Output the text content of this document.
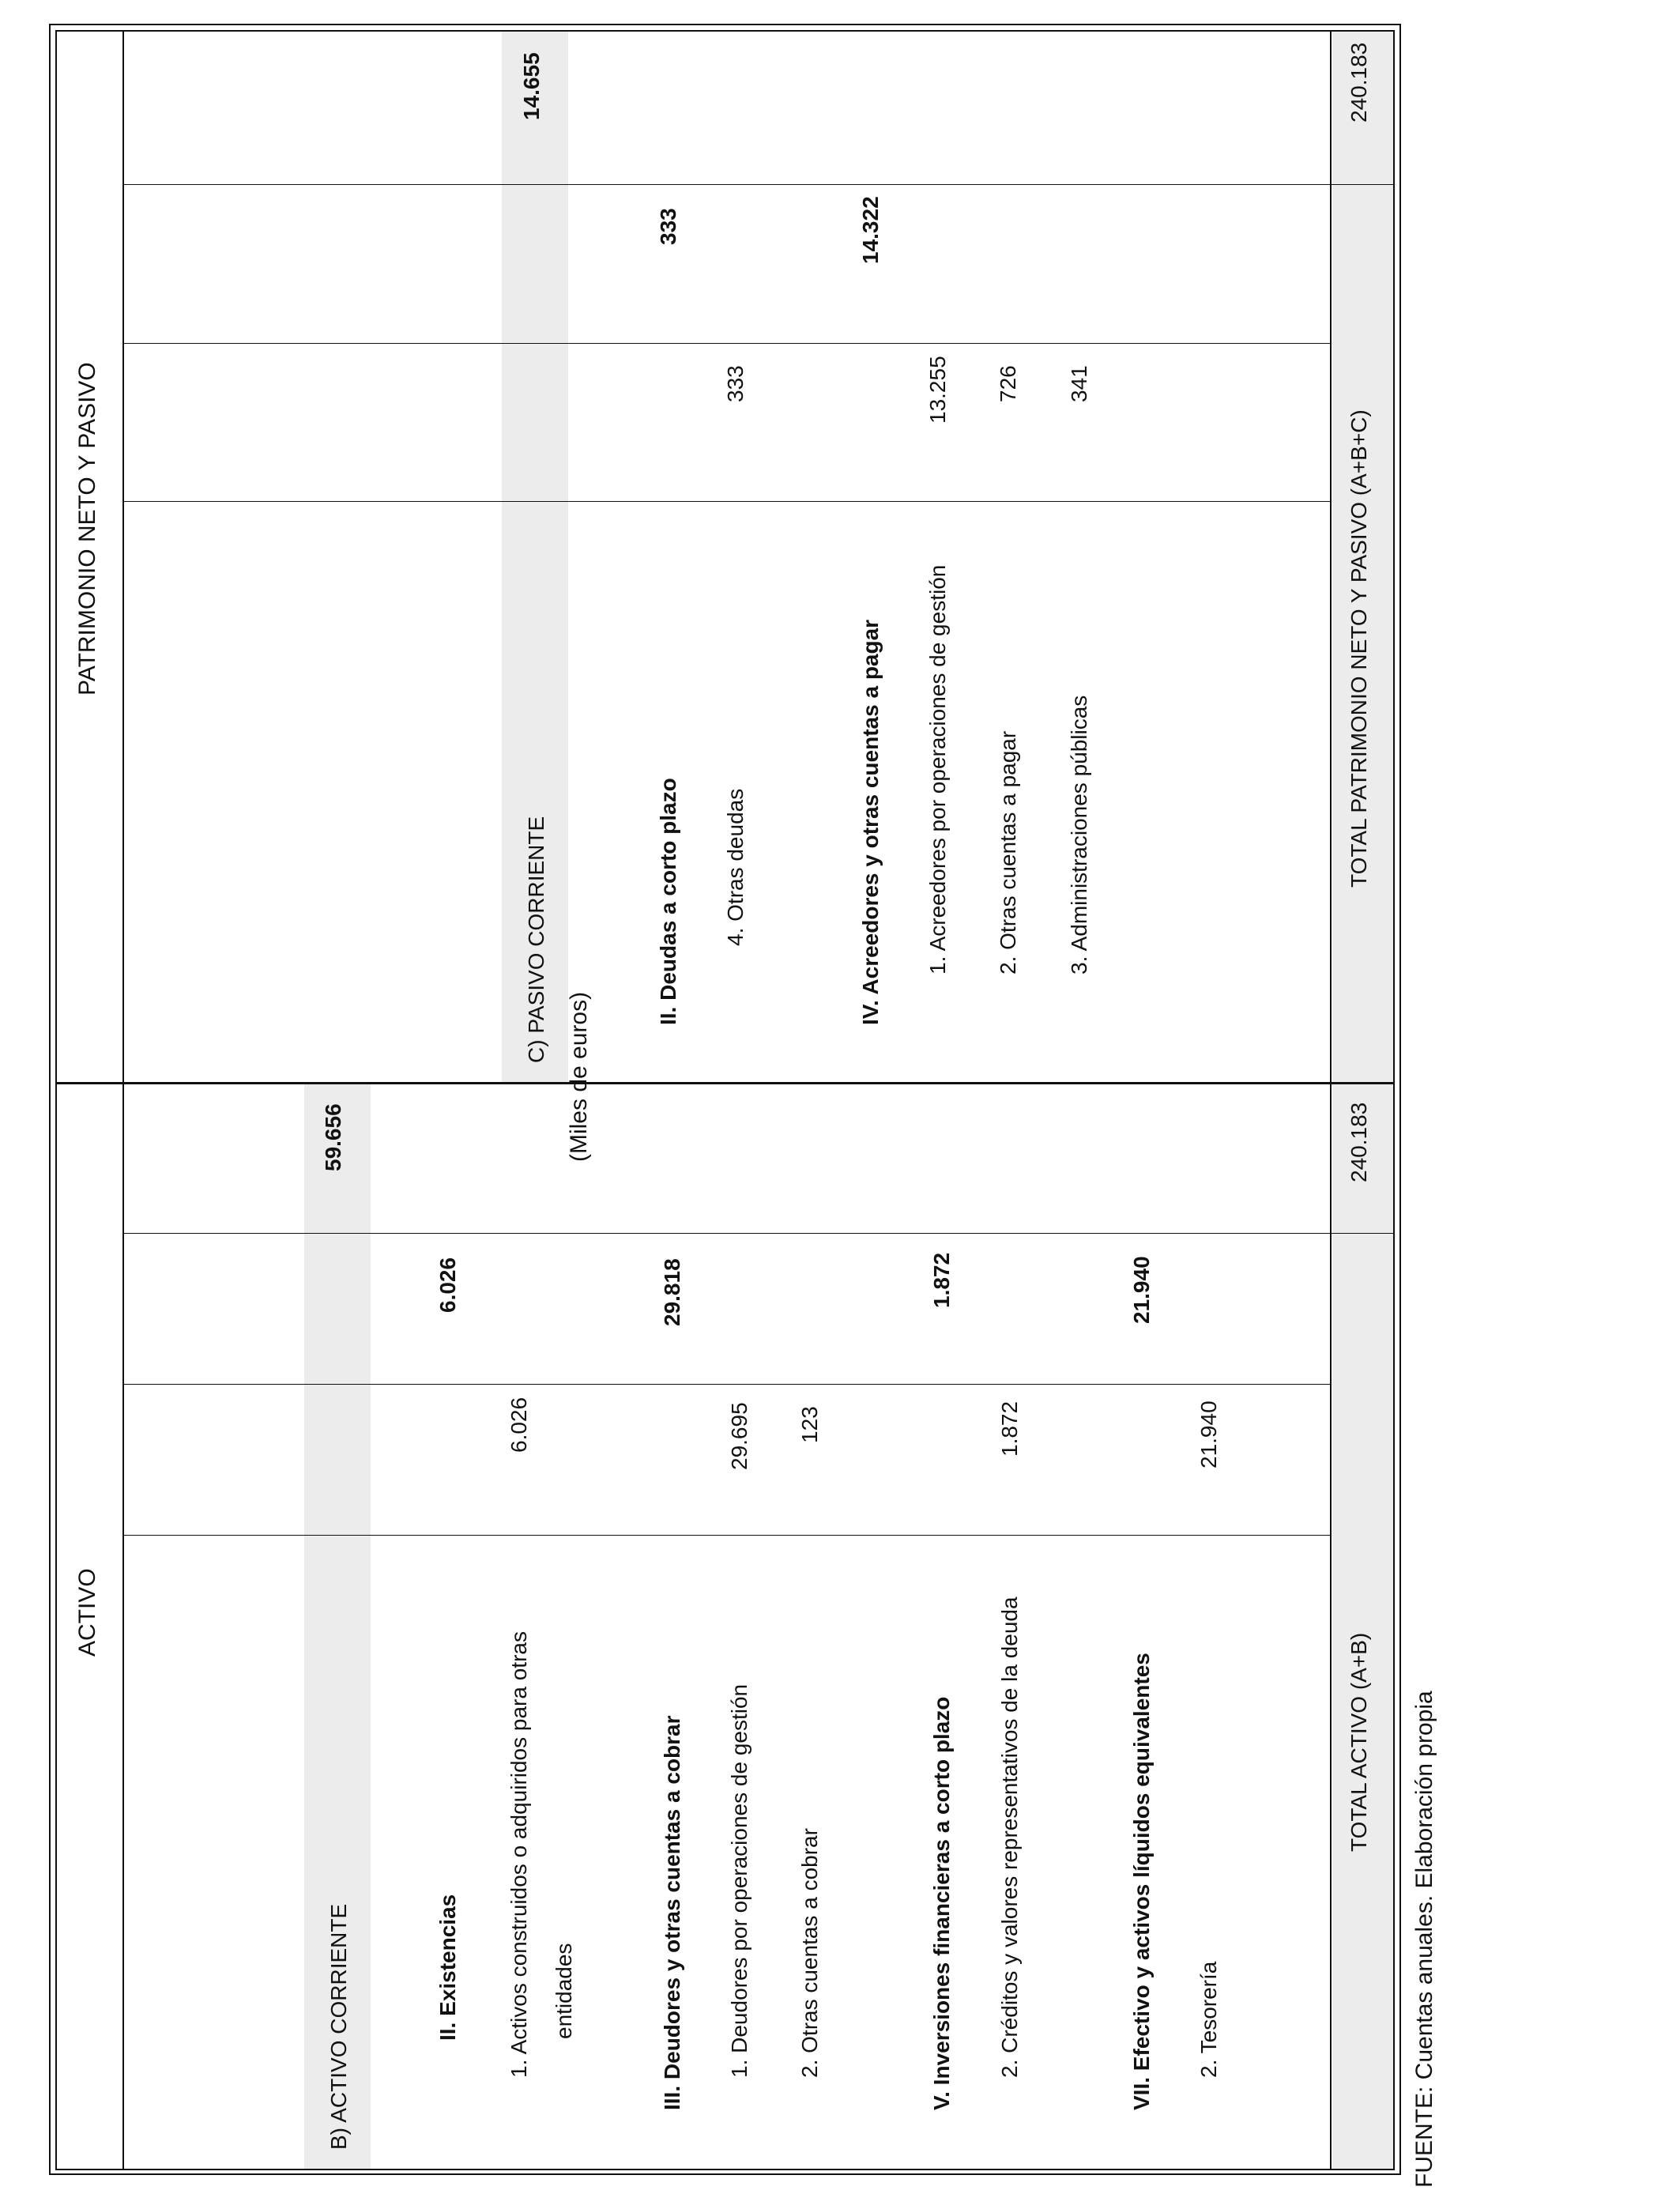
(Miles de euros)
FUENTE: Cuentas anuales. Elaboración propia
ACTIVO
B) ACTIVO CORRIENTE
59.656
II. Existencias
6.026
1. Activos construidos o adquiridos para otras entidades
6.026
III. Deudores y otras cuentas a cobrar
29.818
1. Deudores por operaciones de gestión
29.695
2. Otras cuentas a cobrar
123
V. Inversiones financieras a corto plazo
1.872
2. Créditos y valores representativos de la deuda
1.872
VII. Efectivo y activos líquidos equivalentes
21.940
2. Tesorería
21.940
TOTAL ACTIVO (A+B)
240.183
PATRIMONIO NETO Y PASIVO
C) PASIVO CORRIENTE
14.655
II. Deudas a corto plazo
333
4. Otras deudas
333
IV. Acreedores y otras cuentas a pagar
14.322
1. Acreedores por operaciones de gestión
13.255
2. Otras cuentas a pagar
726
3. Administraciones públicas
341
TOTAL PATRIMONIO NETO Y PASIVO (A+B+C)
240.183
